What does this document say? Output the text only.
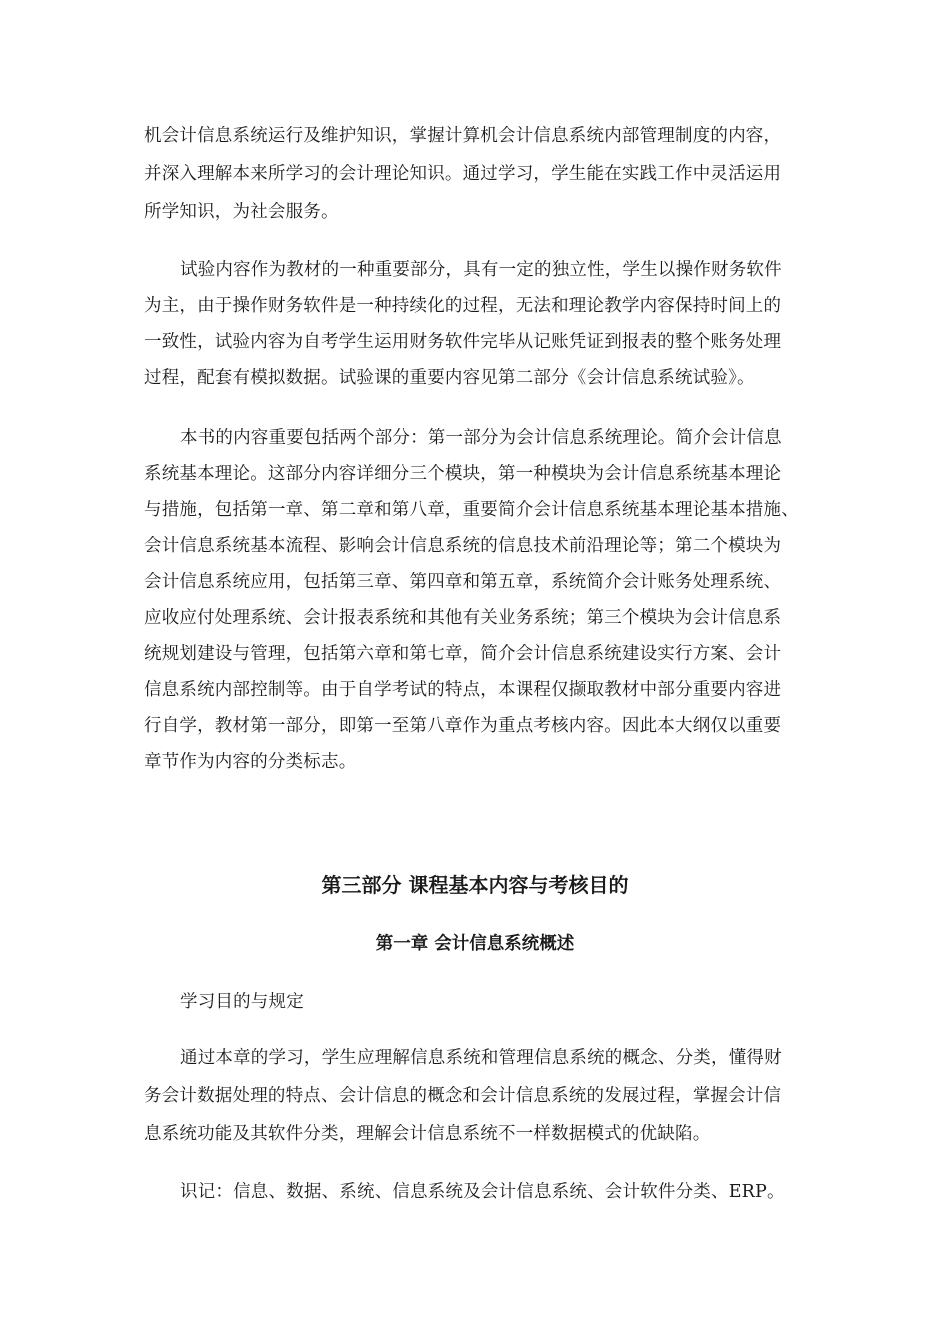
机会计信息系统运行及维护知识，掌握计算机会计信息系统内部管理制度的内容，
并深入理解本来所学习的会计理论知识。通过学习，学生能在实践工作中灵活运用
所学知识，为社会服务。
试验内容作为教材的一种重要部分，具有一定的独立性，学生以操作财务软件
为主，由于操作财务软件是一种持续化的过程，无法和理论教学内容保持时间上的
一致性，试验内容为自考学生运用财务软件完毕从记账凭证到报表的整个账务处理
过程，配套有模拟数据。试验课的重要内容见第二部分《会计信息系统试验》。
本书的内容重要包括两个部分：第一部分为会计信息系统理论。简介会计信息
系统基本理论。这部分内容详细分三个模块，第一种模块为会计信息系统基本理论
与措施，包括第一章、第二章和第八章，重要简介会计信息系统基本理论基本措施、
会计信息系统基本流程、影响会计信息系统的信息技术前沿理论等；第二个模块为
会计信息系统应用，包括第三章、第四章和第五章，系统简介会计账务处理系统、
应收应付处理系统、会计报表系统和其他有关业务系统；第三个模块为会计信息系
统规划建设与管理，包括第六章和第七章，简介会计信息系统建设实行方案、会计
信息系统内部控制等。由于自学考试的特点，本课程仅撷取教材中部分重要内容进
行自学，教材第一部分，即第一至第八章作为重点考核内容。因此本大纲仅以重要
章节作为内容的分类标志。
第三部分 课程基本内容与考核目的
第一章 会计信息系统概述
学习目的与规定
通过本章的学习，学生应理解信息系统和管理信息系统的概念、分类，懂得财
务会计数据处理的特点、会计信息的概念和会计信息系统的发展过程，掌握会计信
息系统功能及其软件分类，理解会计信息系统不一样数据模式的优缺陷。
识记：信息、数据、系统、信息系统及会计信息系统、会计软件分类、ERP。
